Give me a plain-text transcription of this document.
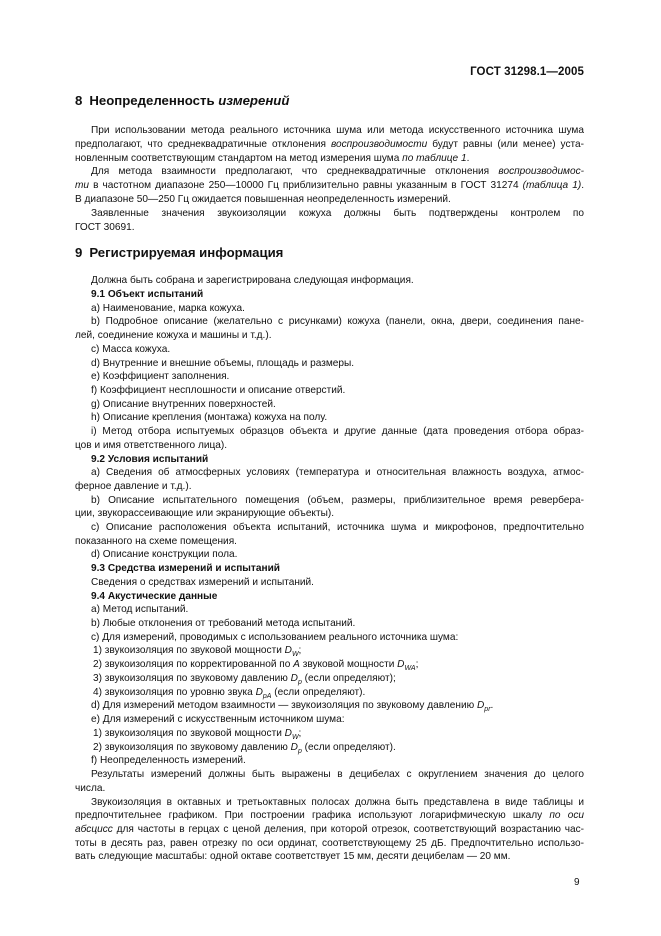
ГОСТ 31298.1—2005
8 Неопределенность измерений
При использовании метода реального источника шума или метода искусственного источника шума
предполагают, что среднеквадратичные отклонения воспроизводимости будут равны (или менее) уста-
новленным соответствующим стандартом на метод измерения шума по таблице 1.
Для метода взаимности предполагают, что среднеквадратичные отклонения воспроизводимос-
ти в частотном диапазоне 250—10000 Гц приблизительно равны указанным в ГОСТ 31274 (таблица 1).
В диапазоне 50—250 Гц ожидается повышенная неопределенность измерений.
Заявленные значения звукоизоляции кожуха должны быть подтверждены контролем по
ГОСТ 30691.
9 Регистрируемая информация
Должна быть собрана и зарегистрирована следующая информация.
9.1 Объект испытаний
a) Наименование, марка кожуха.
b) Подробное описание (желательно с рисунками) кожуха (панели, окна, двери, соединения пане-
лей, соединение кожуха и машины и т.д.).
c) Масса кожуха.
d) Внутренние и внешние объемы, площадь и размеры.
e) Коэффициент заполнения.
f) Коэффициент несплошности и описание отверстий.
g) Описание внутренних поверхностей.
h) Описание крепления (монтажа) кожуха на полу.
i) Метод отбора испытуемых образцов объекта и другие данные (дата проведения отбора образ-
цов и имя ответственного лица).
9.2 Условия испытаний
a) Сведения об атмосферных условиях (температура и относительная влажность воздуха, атмос-
ферное давление и т.д.).
b) Описание испытательного помещения (объем, размеры, приблизительное время ревербера-
ции, звукорассеивающие или экранирующие объекты).
c) Описание расположения объекта испытаний, источника шума и микрофонов, предпочтительно
показанного на схеме помещения.
d) Описание конструкции пола.
9.3 Средства измерений и испытаний
Сведения о средствах измерений и испытаний.
9.4 Акустические данные
a) Метод испытаний.
b) Любые отклонения от требований метода испытаний.
c) Для измерений, проводимых с использованием реального источника шума:
1) звукоизоляция по звуковой мощности $D_W$;
2) звукоизоляция по корректированной по A звуковой мощности $D_{WA}$;
3) звукоизоляция по звуковому давлению $D_p$ (если определяют);
4) звукоизоляция по уровню звука $D_{pA}$ (если определяют).
d) Для измерений методом взаимности — звукоизоляция по звуковому давлению $D_{pr}$.
e) Для измерений с искусственным источником шума:
1) звукоизоляция по звуковой мощности $D_W$;
2) звукоизоляция по звуковому давлению $D_p$ (если определяют).
f) Неопределенность измерений.
Результаты измерений должны быть выражены в децибелах с округлением значения до целого
числа.
Звукоизоляция в октавных и третьоктавных полосах должна быть представлена в виде таблицы и
предпочтительнее графиком. При построении графика используют логарифмическую шкалу по оси
абсцисс для частоты в герцах с ценой деления, при которой отрезок, соответствующий возрастанию час-
тоты в десять раз, равен отрезку по оси ординат, соответствующему 25 дБ. Предпочтительно использо-
вать следующие масштабы: одной октаве соответствует 15 мм, десяти децибелам — 20 мм.
9
